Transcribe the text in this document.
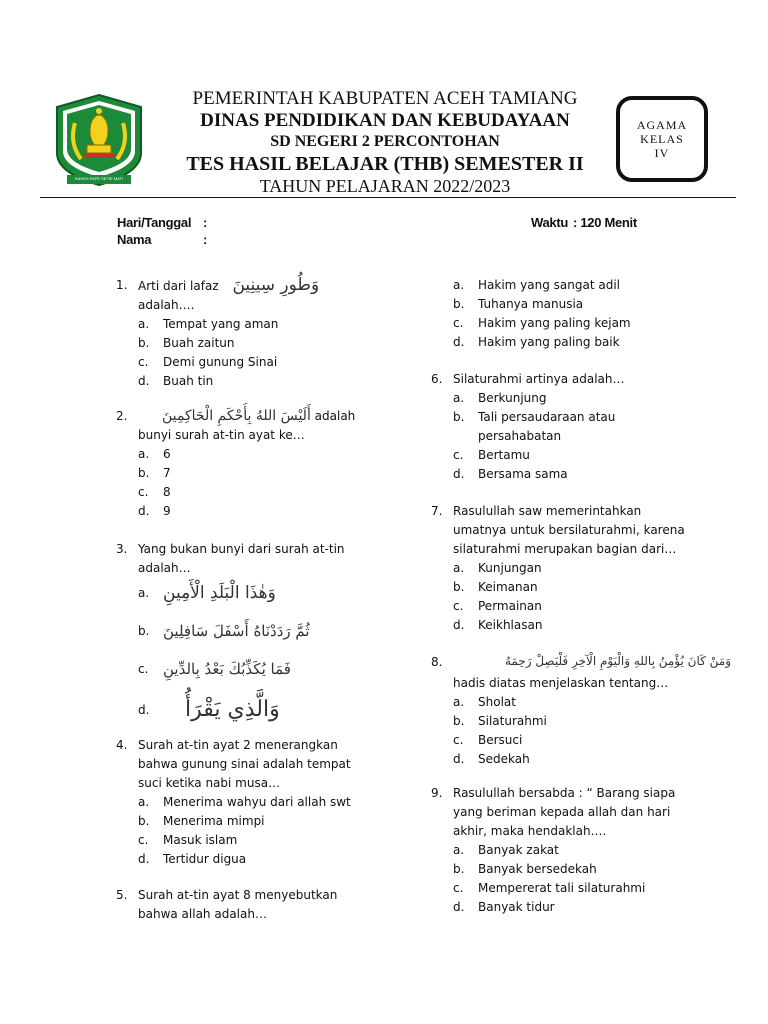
KASEH PAPE SETIE MATI
PEMERINTAH KABUPATEN ACEH TAMIANG
DINAS PENDIDIKAN DAN KEBUDAYAAN
SD NEGERI 2 PERCONTOHAN
TES HASIL BELAJAR (THB) SEMESTER II
TAHUN PELAJARAN 2022/2023
AGAMA
KELAS
IV
Hari/Tanggal :
Nama	:
Waktu : 120 Menit
1. Arti dari lafaz وَطُورِ سِينِينَ
adalah….
a. Tempat yang aman
b. Buah zaitun
c. Demi gunung Sinai
d. Buah tin
2.	أَلَيْسَ اللهُ بِأَحْكَمِ الْحَاكِمِينَ adalah
bunyi surah at-tin ayat ke…
a. 6
b. 7
c. 8
d. 9
3. Yang bukan bunyi dari surah at-tin
adalah…
a. وَهٰذَا الْبَلَدِ الْأَمِينِ
b. ثُمَّ رَدَدْنَاهُ أَسْفَلَ سَافِلِينَ
c. فَمَا يُكَذِّبُكَ بَعْدُ بِالدِّينِ
d. وَالَّذِي يَقْرَأُ
4. Surah at-tin ayat 2 menerangkan
bahwa gunung sinai adalah tempat
suci ketika nabi musa…
a. Menerima wahyu dari allah swt
b. Menerima mimpi
c. Masuk islam
d. Tertidur digua
5. Surah at-tin ayat 8 menyebutkan
bahwa allah adalah…
a. Hakim yang sangat adil
b. Tuhanya manusia
c. Hakim yang paling kejam
d. Hakim yang paling baik
6. Silaturahmi artinya adalah…
a. Berkunjung
b. Tali persaudaraan atau
persahabatan
c. Bertamu
d. Bersama sama
7. Rasulullah saw memerintahkan
umatnya untuk bersilaturahmi, karena
silaturahmi merupakan bagian dari…
a. Kunjungan
b. Keimanan
c. Permainan
d. Keikhlasan
8.	وَمَنْ كَانَ يُؤْمِنُ بِاللهِ وَالْيَوْمِ الْآخِرِ فَلْيَصِلْ رَحِمَهُ
hadis diatas menjelaskan tentang…
a. Sholat
b. Silaturahmi
c. Bersuci
d. Sedekah
9. Rasulullah bersabda : “ Barang siapa
yang beriman kepada allah dan hari
akhir, maka hendaklah….
a. Banyak zakat
b. Banyak bersedekah
c. Mempererat tali silaturahmi
d. Banyak tidur
